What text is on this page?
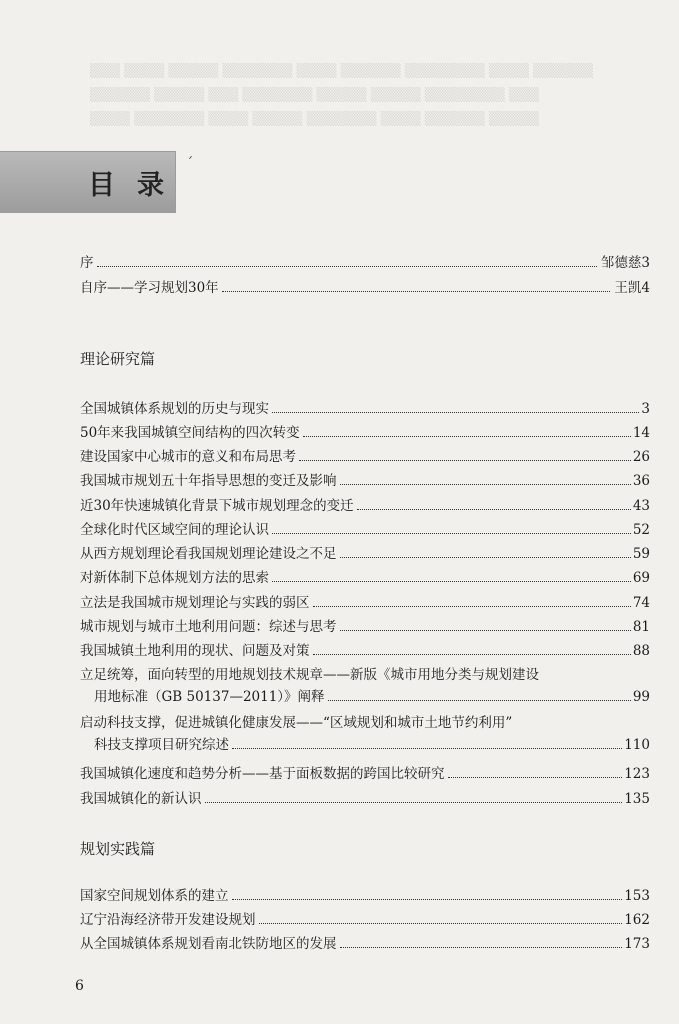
▒▒▒ ▒▒▒▒ ▒▒▒▒▒ ▒▒▒▒▒▒▒ ▒▒▒▒ ▒▒▒▒▒▒ ▒▒▒▒▒▒▒▒ ▒▒▒▒ ▒▒▒▒▒▒
▒▒▒▒▒▒ ▒▒▒▒▒ ▒▒▒ ▒▒▒▒▒▒▒ ▒▒▒▒▒ ▒▒▒▒▒ ▒▒▒▒▒▒▒▒ ▒▒▒
▒▒▒▒ ▒▒▒▒▒▒▒ ▒▒▒▒ ▒▒▒▒▒ ▒▒▒▒▒▒▒ ▒▒▒▒ ▒▒▒▒▒▒ ▒▒▒▒▒
目录
ˊ
序	邹德慈 3
自序——学习规划30年	王凯 4
理论研究篇
全国城镇体系规划的历史与现实	3
50年来我国城镇空间结构的四次转变	14
建设国家中心城市的意义和布局思考	26
我国城市规划五十年指导思想的变迁及影响	36
近30年快速城镇化背景下城市规划理念的变迁	43
全球化时代区域空间的理论认识	52
从西方规划理论看我国规划理论建设之不足	59
对新体制下总体规划方法的思索	69
立法是我国城市规划理论与实践的弱区	74
城市规划与城市土地利用问题：综述与思考	81
我国城镇土地利用的现状、问题及对策	88
立足统筹，面向转型的用地规划技术规章——新版《城市用地分类与规划建设
用地标准（GB 50137—2011）》阐释	99
启动科技支撑，促进城镇化健康发展——“区域规划和城市土地节约利用”
科技支撑项目研究综述	110
我国城镇化速度和趋势分析——基于面板数据的跨国比较研究	123
我国城镇化的新认识	135
规划实践篇
国家空间规划体系的建立	153
辽宁沿海经济带开发建设规划	162
从全国城镇体系规划看南北铁防地区的发展	173
6
